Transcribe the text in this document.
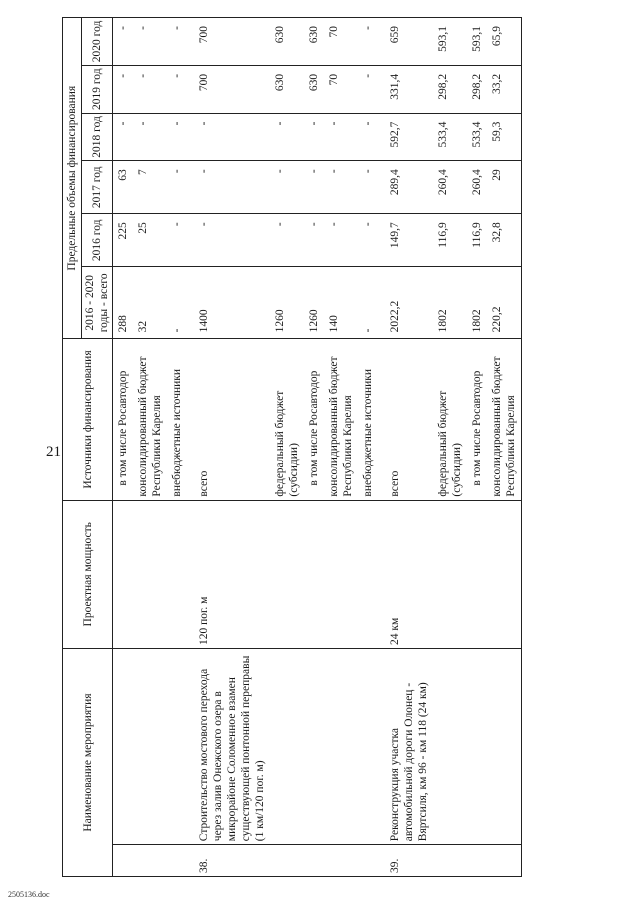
21
2505136.doc
Наименование мероприятия		Проектная мощность	Источники финансирования	Предельные объемы финансирования					
				2016 - 2020 годы - всего	2016 год	2017 год	2018 год	2019 год	2020 год
			в том числе Росавтодор	288	225	63	-	-	-
			консолидированный бюджет Республики Карелия	32	25	7	-	-	-
			внебюджетные источники	-	-	-	-	-	-
38.	Строительство мостового перехода через залив Онежского озера в микрорайоне Соломенное взамен существующей понтонной переправы (1 км/120 пог. м)	120 пог. м	всего	1400	-	-	-	700	700
			федеральный бюджет (субсидии)	1260	-	-	-	630	630
			в том числе Росавтодор	1260	-	-	-	630	630
			консолидированный бюджет Республики Карелия	140	-	-	-	70	70
			внебюджетные источники	-	-	-	-	-	-
39.	Реконструкция участка автомобильной дороги Олонец - Вяртсиля, км 96 - км 118 (24 км)	24 км	всего	2022,2	149,7	289,4	592,7	331,4	659
			федеральный бюджет (субсидии)	1802	116,9	260,4	533,4	298,2	593,1
			в том числе Росавтодор	1802	116,9	260,4	533,4	298,2	593,1
			консолидированный бюджет Республики Карелия	220,2	32,8	29	59,3	33,2	65,9
